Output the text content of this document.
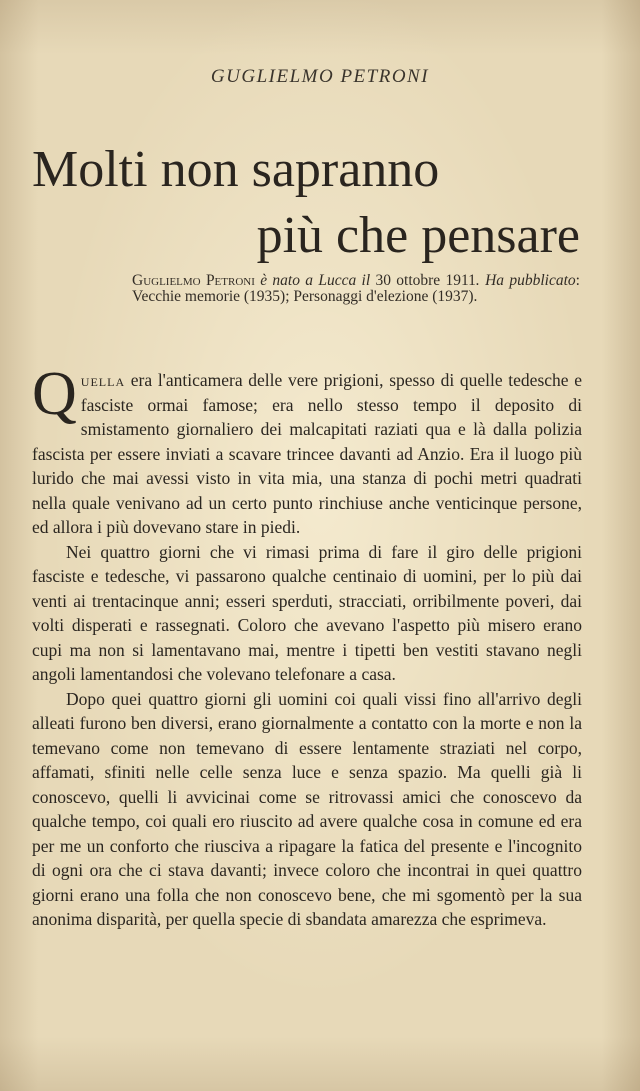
GUGLIELMO PETRONI
Molti non sapranno
più che pensare
Guglielmo Petroni è nato a Lucca il 30 ottobre 1911. Ha pubblicato: Vecchie memorie (1935); Personaggi d'elezione (1937).

Quella era l'anticamera delle vere prigioni, spesso di quelle tedesche e fasciste ormai famose; era nello stesso tempo il deposito di smistamento giornaliero dei malcapitati raziati qua e là dalla polizia fascista per essere inviati a scavare trincee davanti ad Anzio. Era il luogo più lurido che mai avessi visto in vita mia, una stanza di pochi metri quadrati nella quale venivano ad un certo punto rinchiuse anche venticinque persone, ed allora i più dovevano stare in piedi.

Nei quattro giorni che vi rimasi prima di fare il giro delle prigioni fasciste e tedesche, vi passarono qualche centinaio di uomini, per lo più dai venti ai trentacinque anni; esseri sperduti, stracciati, orribilmente poveri, dai volti disperati e rassegnati. Coloro che avevano l'aspetto più misero erano cupi ma non si lamentavano mai, mentre i tipetti ben vestiti stavano negli angoli lamentandosi che volevano telefonare a casa.

Dopo quei quattro giorni gli uomini coi quali vissi fino all'arrivo degli alleati furono ben diversi, erano giornalmente a contatto con la morte e non la temevano come non temevano di essere lentamente straziati nel corpo, affamati, sfiniti nelle celle senza luce e senza spazio. Ma quelli già li conoscevo, quelli li avvicinai come se ritrovassi amici che conoscevo da qualche tempo, coi quali ero riuscito ad avere qualche cosa in comune ed era per me un conforto che riusciva a ripagare la fatica del presente e l'incognito di ogni ora che ci stava davanti; invece coloro che incontrai in quei quattro giorni erano una folla che non conoscevo bene, che mi sgomentò per la sua anonima disparità, per quella specie di sbandata amarezza che esprimeva.
